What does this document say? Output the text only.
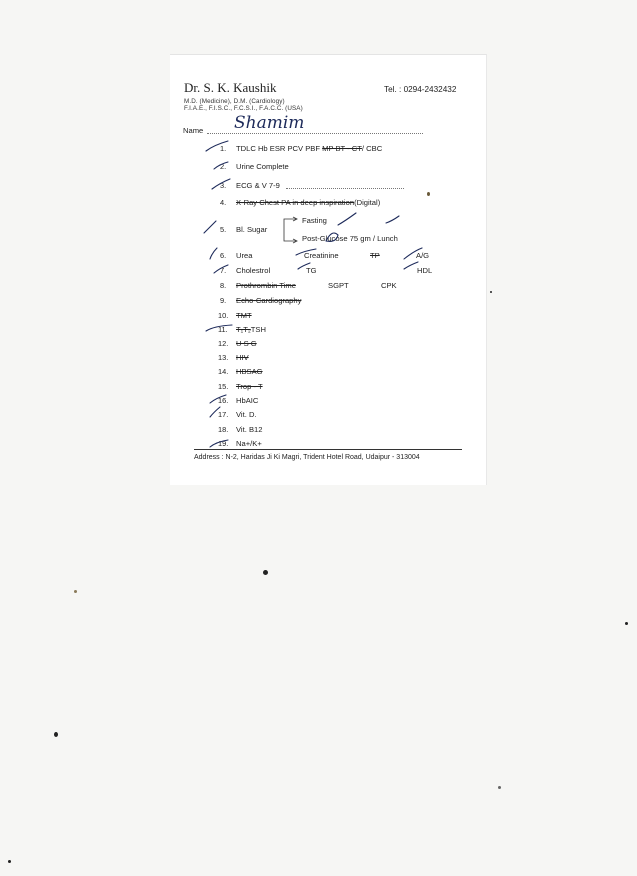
Dr. S. K. Kaushik	Tel. : 0294-2432432
M.D. (Medicine), D.M. (Cardiology)
F.I.A.E., F.I.S.C., F.C.S.I., F.A.C.C. (USA)
Name Shamim
1. TDLC Hb ESR PCV PBF MP BT - CT/ CBC
2. Urine Complete
3. ECG & V 7-9
4. X-Ray Chest PA in deep inspiration(Digital)
Fasting
5. Bl. Sugar
Post-Glucose 75 gm / Lunch
6. Urea	Creatinine	TP	A/G
7. Cholestrol	TG	HDL
8. Prothrombin Time	SGPT	CPK
9. Echo-Cardiography
10. TMT
11. T₁T₂TSH
12. U S G
13. HIV
14. HBSAG
15. Trop - T
16. HbAIC
17. Vit. D.
18. Vit. B12
19. Na+/K+
Address : N-2, Haridas Ji Ki Magri, Trident Hotel Road, Udaipur - 313004
